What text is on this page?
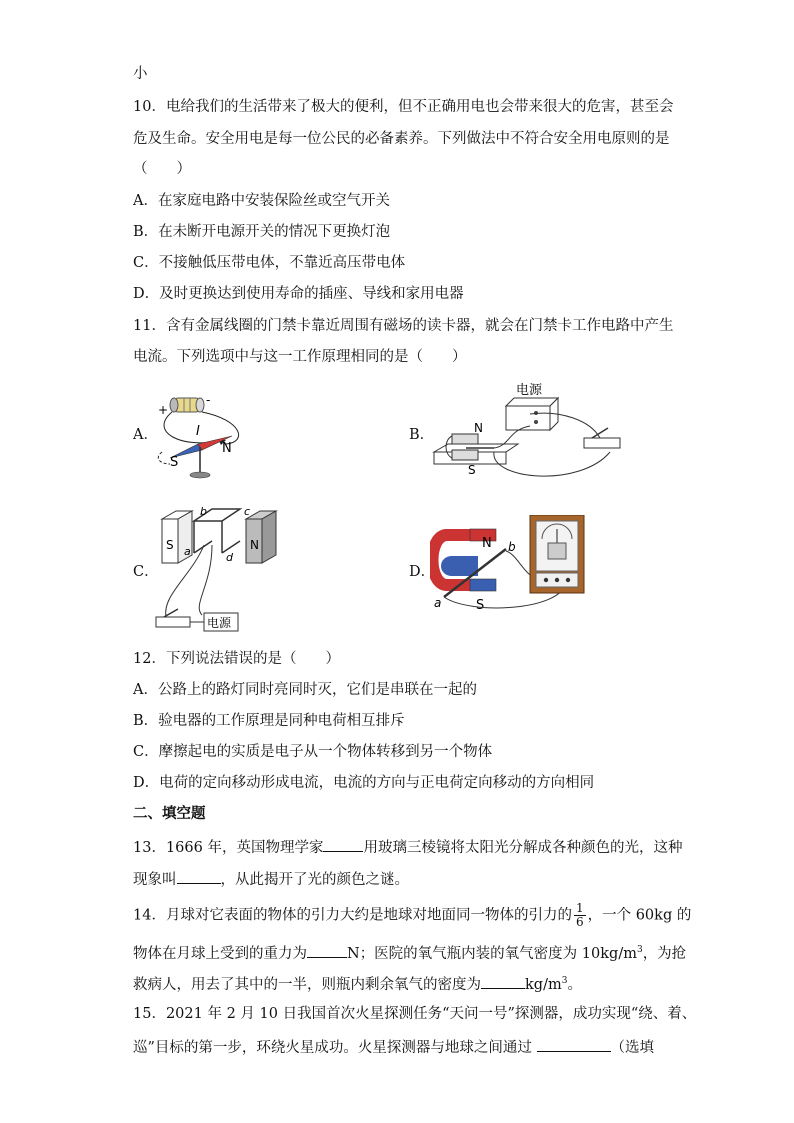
小
10．电给我们的生活带来了极大的便利，但不正确用电也会带来很大的危害，甚至会
危及生命。安全用电是每一位公民的必备素养。下列做法中不符合安全用电原则的是
（　　）
A．在家庭电路中安装保险丝或空气开关
B．在未断开电源开关的情况下更换灯泡
C．不接触低压带电体，不靠近高压带电体
D．及时更换达到使用寿命的插座、导线和家用电器
11．含有金属线圈的门禁卡靠近周围有磁场的读卡器，就会在门禁卡工作电路中产生
电流。下列选项中与这一工作原理相同的是（　　）
A．	B．
C．	D．
+
-
I
S
N
电源
N
S
S	N
b	c
a	d
电源
N
S
a
b
12．下列说法错误的是（　　）
A．公路上的路灯同时亮同时灭，它们是串联在一起的
B．验电器的工作原理是同种电荷相互排斥
C．摩擦起电的实质是电子从一个物体转移到另一个物体
D．电荷的定向移动形成电流，电流的方向与正电荷定向移动的方向相同
二、填空题
13．1666 年，英国物理学家	用玻璃三棱镜将太阳光分解成各种颜色的光，这种
现象叫	，从此揭开了光的颜色之谜。
14．月球对它表面的物体的引力大约是地球对地面同一物体的引力的 $\frac{1}{6}$ ，一个 60kg 的
物体在月球上受到的重力为	N；医院的氧气瓶内装的氧气密度为 $10kg/m^3$，为抢
救病人，用去了其中的一半，则瓶内剩余氧气的密度为	$kg/m^3$。
15．2021 年 2 月 10 日我国首次火星探测任务“天问一号”探测器，成功实现“绕、着、
巡”目标的第一步，环绕火星成功。火星探测器与地球之间通过	（选填
